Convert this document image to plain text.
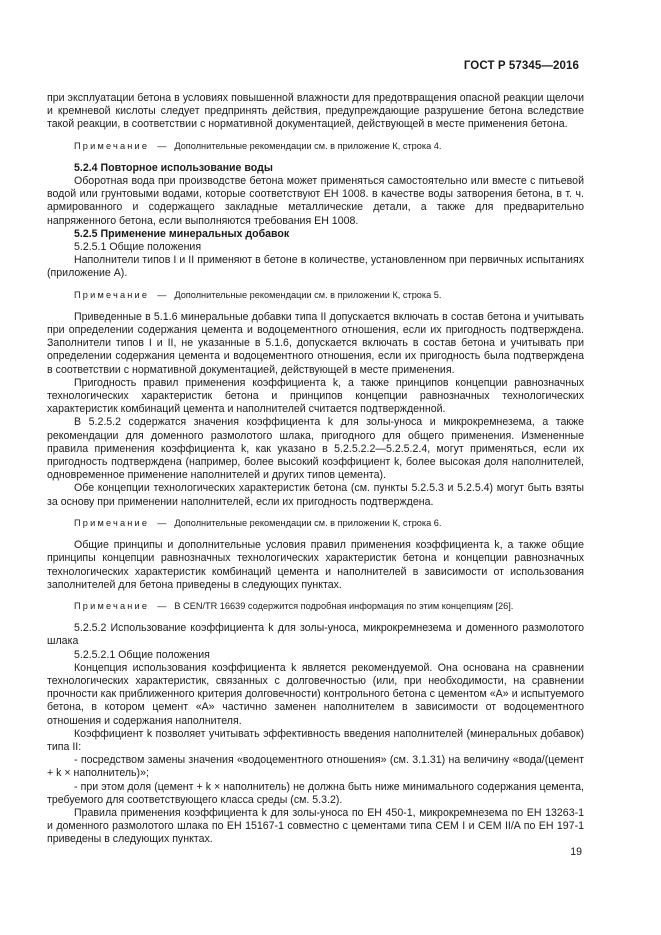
ГОСТ Р 57345—2016

при эксплуатации бетона в условиях повышенной влажности для предотвращения опасной реакции щелочи и кремневой кислоты следует предпринять действия, предупреждающие разрушение бетона вследствие такой реакции, в соответствии с нормативной документацией, действующей в месте применения бетона.

Примечание — Дополнительные рекомендации см. в приложение К, строка 4.

5.2.4 Повторное использование воды

Оборотная вода при производстве бетона может применяться самостоятельно или вместе с питьевой водой или грунтовыми водами, которые соответствуют ЕН 1008. в качестве воды затворения бетона, в т. ч. армированного и содержащего закладные металлические детали, а также для предварительно напряженного бетона, если выполняются требования ЕН 1008.

5.2.5 Применение минеральных добавок

5.2.5.1 Общие положения

Наполнители типов I и II применяют в бетоне в количестве, установленном при первичных испытаниях (приложение А).

Примечание — Дополнительные рекомендации см. в приложении К, строка 5.

Приведенные в 5.1.6 минеральные добавки типа II допускается включать в состав бетона и учитывать при определении содержания цемента и водоцементного отношения, если их пригодность подтверждена. Заполнители типов I и II, не указанные в 5.1.6, допускается включать в состав бетона и учитывать при определении содержания цемента и водоцементного отношения, если их пригодность была подтверждена в соответствии с нормативной документацией, действующей в месте применения.

Пригодность правил применения коэффициента k, а также принципов концепции равнозначных технологических характеристик бетона и принципов концепции равнозначных технологических характеристик комбинаций цемента и наполнителей считается подтвержденной.

В 5.2.5.2 содержатся значения коэффициента k для золы-уноса и микрокремнезема, а также рекомендации для доменного размолотого шлака, пригодного для общего применения. Измененные правила применения коэффициента k, как указано в 5.2.5.2.2—5.2.5.2.4, могут применяться, если их пригодность подтверждена (например, более высокий коэффициент k, более высокая доля наполнителей, одновременное применение наполнителей и других типов цемента).

Обе концепции технологических характеристик бетона (см. пункты 5.2.5.3 и 5.2.5.4) могут быть взяты за основу при применении наполнителей, если их пригодность подтверждена.

Примечание — Дополнительные рекомендации см. в приложении К, строка 6.

Общие принципы и дополнительные условия правил применения коэффициента k, а также общие принципы концепции равнозначных технологических характеристик бетона и концепции равнозначных технологических характеристик комбинаций цемента и наполнителей в зависимости от использования заполнителей для бетона приведены в следующих пунктах.

Примечание — В CEN/TR 16639 содержится подробная информация по этим концепциям [26].

5.2.5.2 Использование коэффициента k для золы-уноса, микрокремнезема и доменного размолотого шлака

5.2.5.2.1 Общие положения

Концепция использования коэффициента k является рекомендуемой. Она основана на сравнении технологических характеристик, связанных с долговечностью (или, при необходимости, на сравнении прочности как приближенного критерия долговечности) контрольного бетона с цементом «А» и испытуемого бетона, в котором цемент «А» частично заменен наполнителем в зависимости от водоцементного отношения и содержания наполнителя.

Коэффициент k позволяет учитывать эффективность введения наполнителей (минеральных добавок) типа II:

- посредством замены значения «водоцементного отношения» (см. 3.1.31) на величину «вода/(цемент + k × наполнитель)»;

- при этом доля (цемент + k × наполнитель) не должна быть ниже минимального содержания цемента, требуемого для соответствующего класса среды (см. 5.3.2).

Правила применения коэффициента k для золы-уноса по ЕН 450-1, микрокремнезема по ЕН 13263-1 и доменного размолотого шлака по ЕН 15167-1 совместно с цементами типа CEM I и CEM II/A по ЕН 197-1 приведены в следующих пунктах.

19
